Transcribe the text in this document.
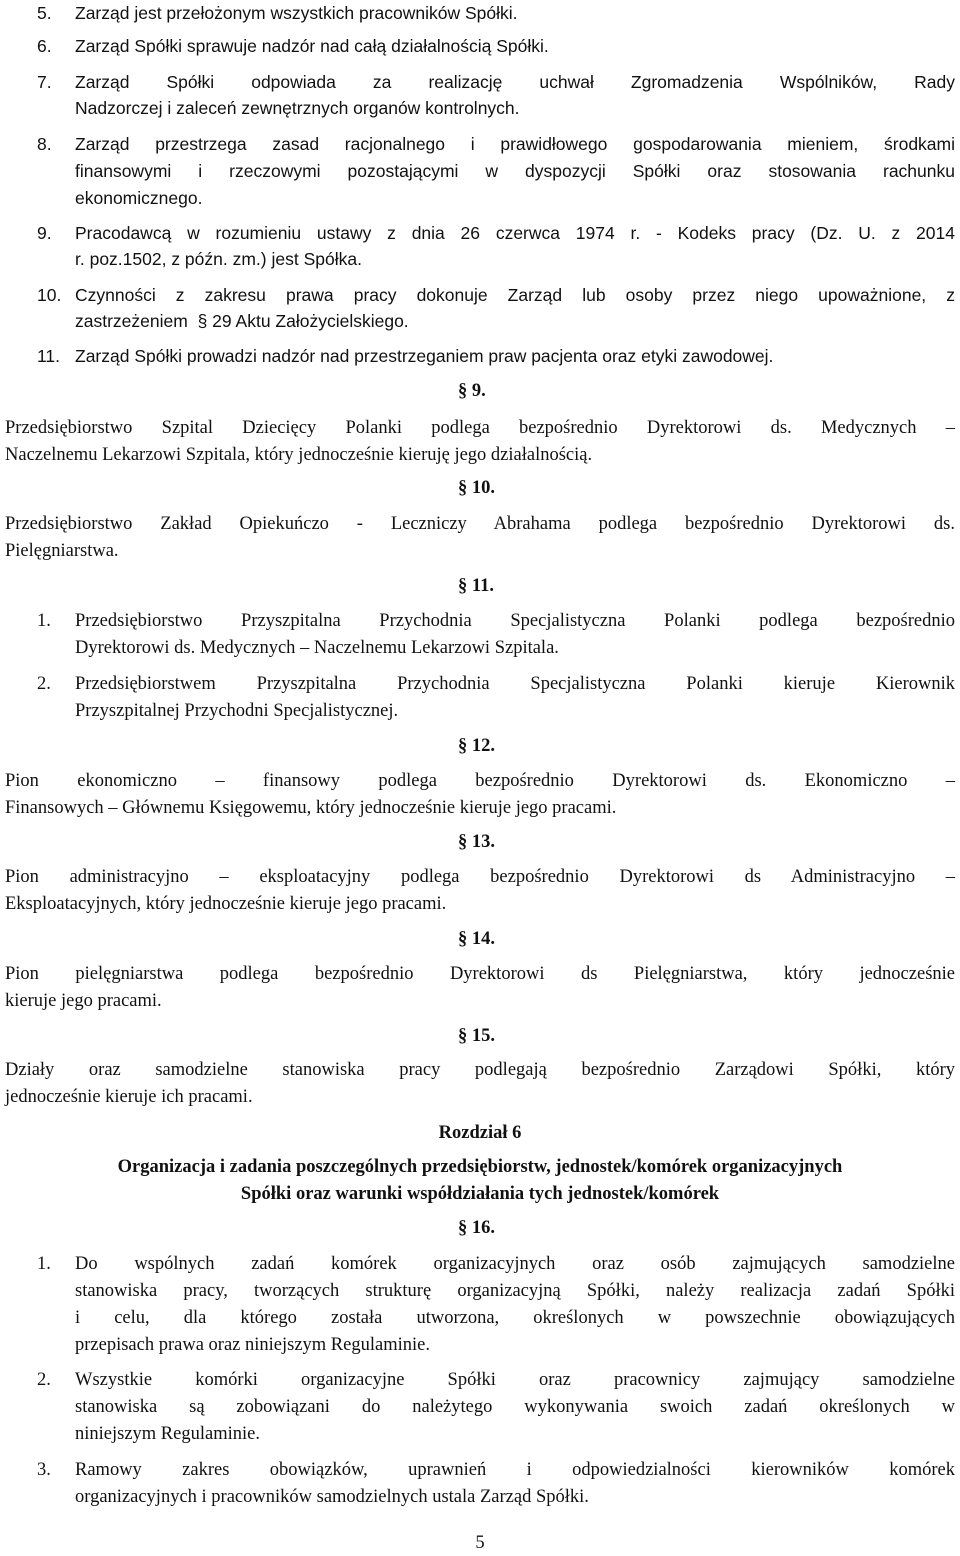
5. Zarząd jest przełożonym wszystkich pracowników Spółki.
6. Zarząd Spółki sprawuje nadzór nad całą działalnością Spółki.
7. Zarząd Spółki odpowiada za realizację uchwał Zgromadzenia Wspólników, Rady
Nadzorczej i zaleceń zewnętrznych organów kontrolnych.
8. Zarząd przestrzega zasad racjonalnego i prawidłowego gospodarowania mieniem, środkami
finansowymi i rzeczowymi pozostającymi w dyspozycji Spółki oraz stosowania rachunku
ekonomicznego.
9. Pracodawcą w rozumieniu ustawy z dnia 26 czerwca 1974 r. - Kodeks pracy (Dz. U. z 2014
r. poz.1502, z późn. zm.) jest Spółka.
10. Czynności z zakresu prawa pracy dokonuje Zarząd lub osoby przez niego upoważnione, z
zastrzeżeniem § 29 Aktu Założycielskiego.
11. Zarząd Spółki prowadzi nadzór nad przestrzeganiem praw pacjenta oraz etyki zawodowej.
§ 9.
Przedsiębiorstwo Szpital Dziecięcy Polanki podlega bezpośrednio Dyrektorowi ds. Medycznych –
Naczelnemu Lekarzowi Szpitala, który jednocześnie kieruję jego działalnością.
§ 10.
Przedsiębiorstwo Zakład Opiekuńczo - Leczniczy Abrahama podlega bezpośrednio Dyrektorowi ds.
Pielęgniarstwa.
§ 11.
1. Przedsiębiorstwo Przyszpitalna Przychodnia Specjalistyczna Polanki podlega bezpośrednio
Dyrektorowi ds. Medycznych – Naczelnemu Lekarzowi Szpitala.
2. Przedsiębiorstwem Przyszpitalna Przychodnia Specjalistyczna Polanki kieruje Kierownik
Przyszpitalnej Przychodni Specjalistycznej.
§ 12.
Pion ekonomiczno – finansowy podlega bezpośrednio Dyrektorowi ds. Ekonomiczno –
Finansowych – Głównemu Księgowemu, który jednocześnie kieruje jego pracami.
§ 13.
Pion administracyjno – eksploatacyjny podlega bezpośrednio Dyrektorowi ds Administracyjno –
Eksploatacyjnych, który jednocześnie kieruje jego pracami.
§ 14.
Pion pielęgniarstwa podlega bezpośrednio Dyrektorowi ds Pielęgniarstwa, który jednocześnie
kieruje jego pracami.
§ 15.
Działy oraz samodzielne stanowiska pracy podlegają bezpośrednio Zarządowi Spółki, który
jednocześnie kieruje ich pracami.
Rozdział 6
Organizacja i zadania poszczególnych przedsiębiorstw, jednostek/komórek organizacyjnych
Spółki oraz warunki współdziałania tych jednostek/komórek
§ 16.
1. Do wspólnych zadań komórek organizacyjnych oraz osób zajmujących samodzielne
stanowiska pracy, tworzących strukturę organizacyjną Spółki, należy realizacja zadań Spółki
i celu, dla którego została utworzona, określonych w powszechnie obowiązujących
przepisach prawa oraz niniejszym Regulaminie.
2. Wszystkie komórki organizacyjne Spółki oraz pracownicy zajmujący samodzielne
stanowiska są zobowiązani do należytego wykonywania swoich zadań określonych w
niniejszym Regulaminie.
3. Ramowy zakres obowiązków, uprawnień i odpowiedzialności kierowników komórek
organizacyjnych i pracowników samodzielnych ustala Zarząd Spółki.
5
